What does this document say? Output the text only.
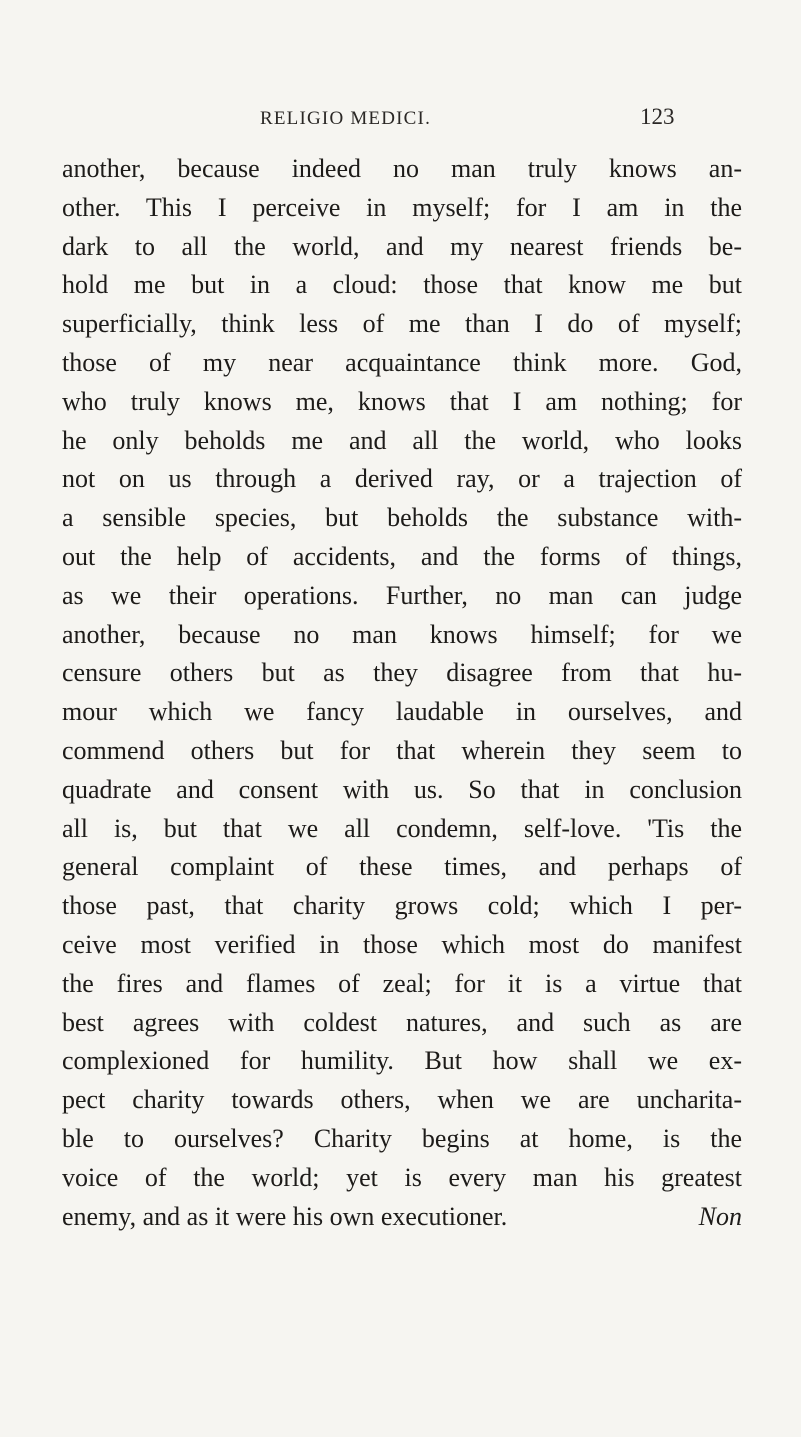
RELIGIO MEDICI.	123
another, because indeed no man truly knows an-
other. This I perceive in myself; for I am in the
dark to all the world, and my nearest friends be-
hold me but in a cloud: those that know me but
superficially, think less of me than I do of myself;
those of my near acquaintance think more. God,
who truly knows me, knows that I am nothing; for
he only beholds me and all the world, who looks
not on us through a derived ray, or a trajection of
a sensible species, but beholds the substance with-
out the help of accidents, and the forms of things,
as we their operations. Further, no man can judge
another, because no man knows himself; for we
censure others but as they disagree from that hu-
mour which we fancy laudable in ourselves, and
commend others but for that wherein they seem to
quadrate and consent with us. So that in conclusion
all is, but that we all condemn, self-love. 'Tis the
general complaint of these times, and perhaps of
those past, that charity grows cold; which I per-
ceive most verified in those which most do manifest
the fires and flames of zeal; for it is a virtue that
best agrees with coldest natures, and such as are
complexioned for humility. But how shall we ex-
pect charity towards others, when we are uncharita-
ble to ourselves? Charity begins at home, is the
voice of the world; yet is every man his greatest
enemy, and as it were his own executioner.	Non
